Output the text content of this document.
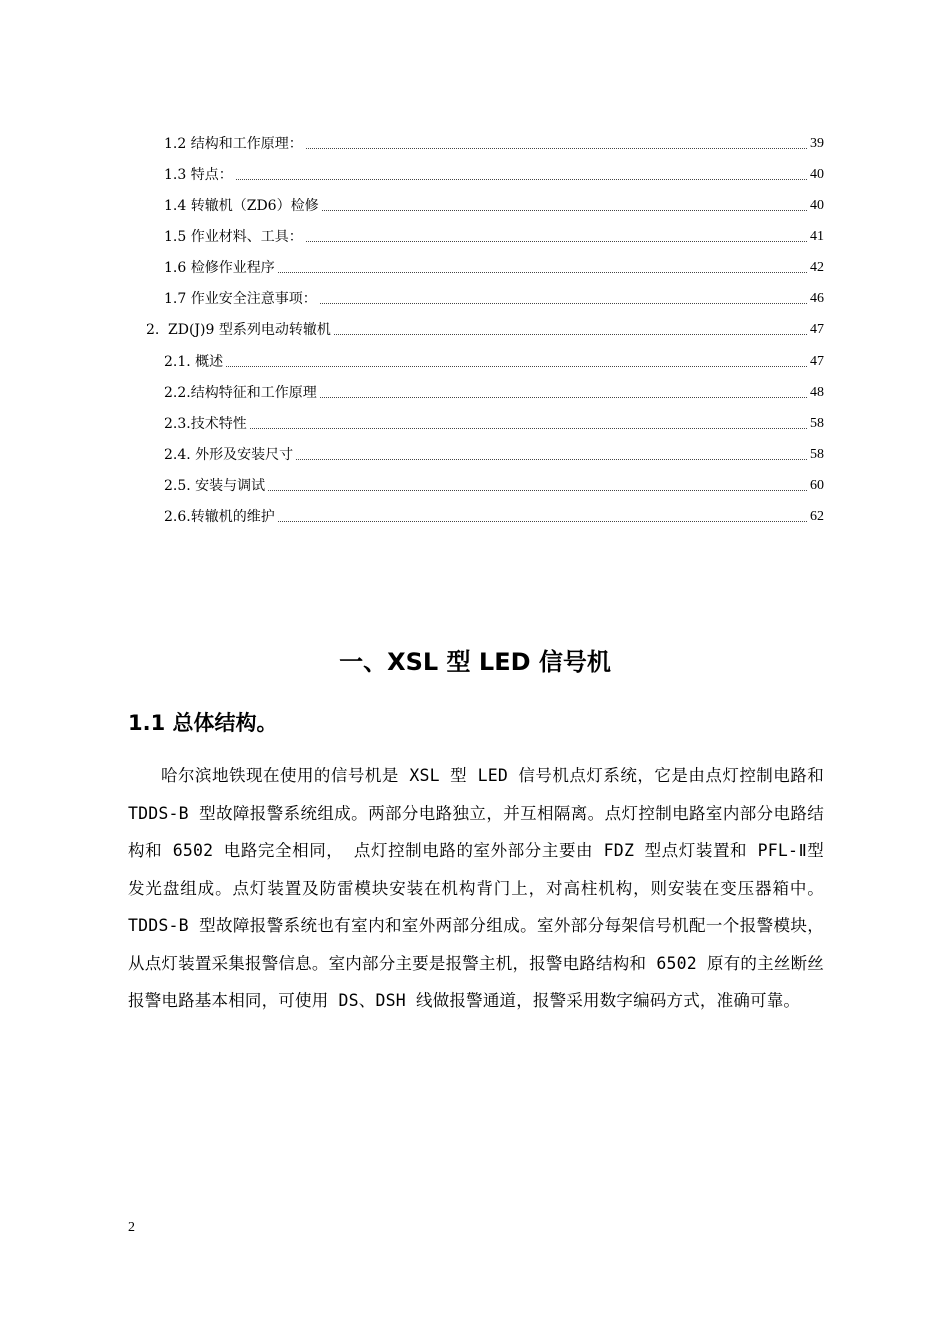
1.2 结构和工作原理：	39
1.3 特点：	40
1.4 转辙机（ZD6）检修	40
1.5 作业材料、工具：	41
1.6 检修作业程序	42
1.7 作业安全注意事项：	46
2. ZD(J)9 型系列电动转辙机	47
2.1. 概述	47
2.2.结构特征和工作原理	48
2.3.技术特性	58
2.4. 外形及安装尺寸	58
2.5. 安装与调试	60
2.6.转辙机的维护	62
一、XSL 型 LED 信号机
1.1 总体结构。

哈尔滨地铁现在使用的信号机是 XSL 型 LED 信号机点灯系统，它是由点灯控制电路和 TDDS-B 型故障报警系统组成。两部分电路独立，并互相隔离。点灯控制电路室内部分电路结构和 6502 电路完全相同， 点灯控制电路的室外部分主要由 FDZ 型点灯装置和 PFL-Ⅱ型发光盘组成。点灯装置及防雷模块安装在机构背门上，对高柱机构，则安装在变压器箱中。TDDS-B 型故障报警系统也有室内和室外两部分组成。室外部分每架信号机配一个报警模块，从点灯装置采集报警信息。室内部分主要是报警主机，报警电路结构和 6502 原有的主丝断丝报警电路基本相同，可使用 DS、DSH 线做报警通道，报警采用数字编码方式，准确可靠。

2
